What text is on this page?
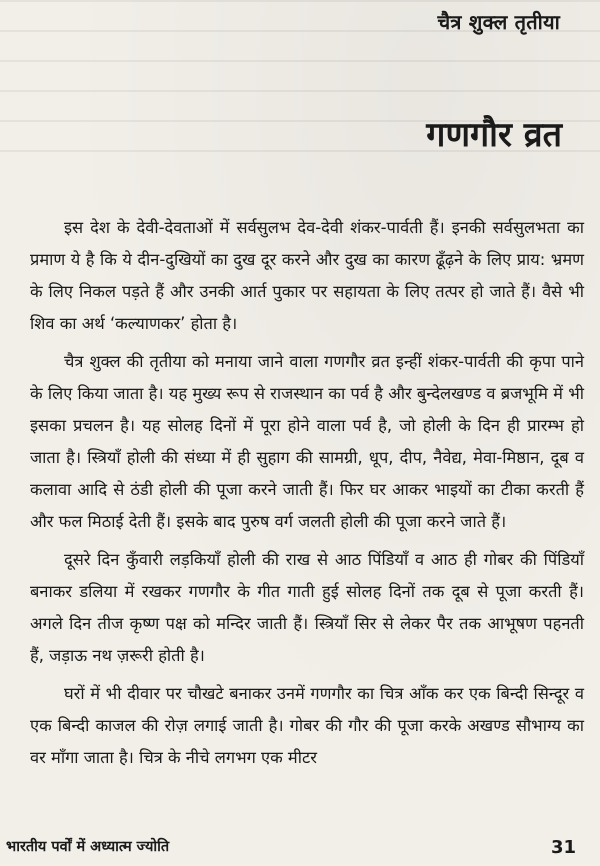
चैत्र शुक्ल तृतीया
गणगौर व्रत

इस देश के देवी-देवताओं में सर्वसुलभ देव-देवी शंकर-पार्वती हैं। इनकी सर्वसुलभता का प्रमाण ये है कि ये दीन-दुखियों का दुख दूर करने और दुख का कारण ढूँढ़ने के लिए प्राय: भ्रमण के लिए निकल पड़ते हैं और उनकी आर्त पुकार पर सहायता के लिए तत्पर हो जाते हैं। वैसे भी शिव का अर्थ ‘कल्याणकर’ होता है।

चैत्र शुक्ल की तृतीया को मनाया जाने वाला गणगौर व्रत इन्हीं शंकर-पार्वती की कृपा पाने के लिए किया जाता है। यह मुख्य रूप से राजस्थान का पर्व है और बुन्देलखण्ड व ब्रजभूमि में भी इसका प्रचलन है। यह सोलह दिनों में पूरा होने वाला पर्व है, जो होली के दिन ही प्रारम्भ हो जाता है। स्त्रियाँ होली की संध्या में ही सुहाग की सामग्री, धूप, दीप, नैवेद्य, मेवा-मिष्ठान, दूब व कलावा आदि से ठंडी होली की पूजा करने जाती हैं। फिर घर आकर भाइयों का टीका करती हैं और फल मिठाई देती हैं। इसके बाद पुरुष वर्ग जलती होली की पूजा करने जाते हैं।

दूसरे दिन कुँवारी लड़कियाँ होली की राख से आठ पिंडियाँ व आठ ही गोबर की पिंडियाँ बनाकर डलिया में रखकर गणगौर के गीत गाती हुई सोलह दिनों तक दूब से पूजा करती हैं। अगले दिन तीज कृष्ण पक्ष को मन्दिर जाती हैं। स्त्रियाँ सिर से लेकर पैर तक आभूषण पहनती हैं, जड़ाऊ नथ ज़रूरी होती है।

घरों में भी दीवार पर चौखटे बनाकर उनमें गणगौर का चित्र आँक कर एक बिन्दी सिन्दूर व एक बिन्दी काजल की रोज़ लगाई जाती है। गोबर की गौर की पूजा करके अखण्ड सौभाग्य का वर माँगा जाता है। चित्र के नीचे लगभग एक मीटर

भारतीय पर्वों में अध्यात्म ज्योति	31
